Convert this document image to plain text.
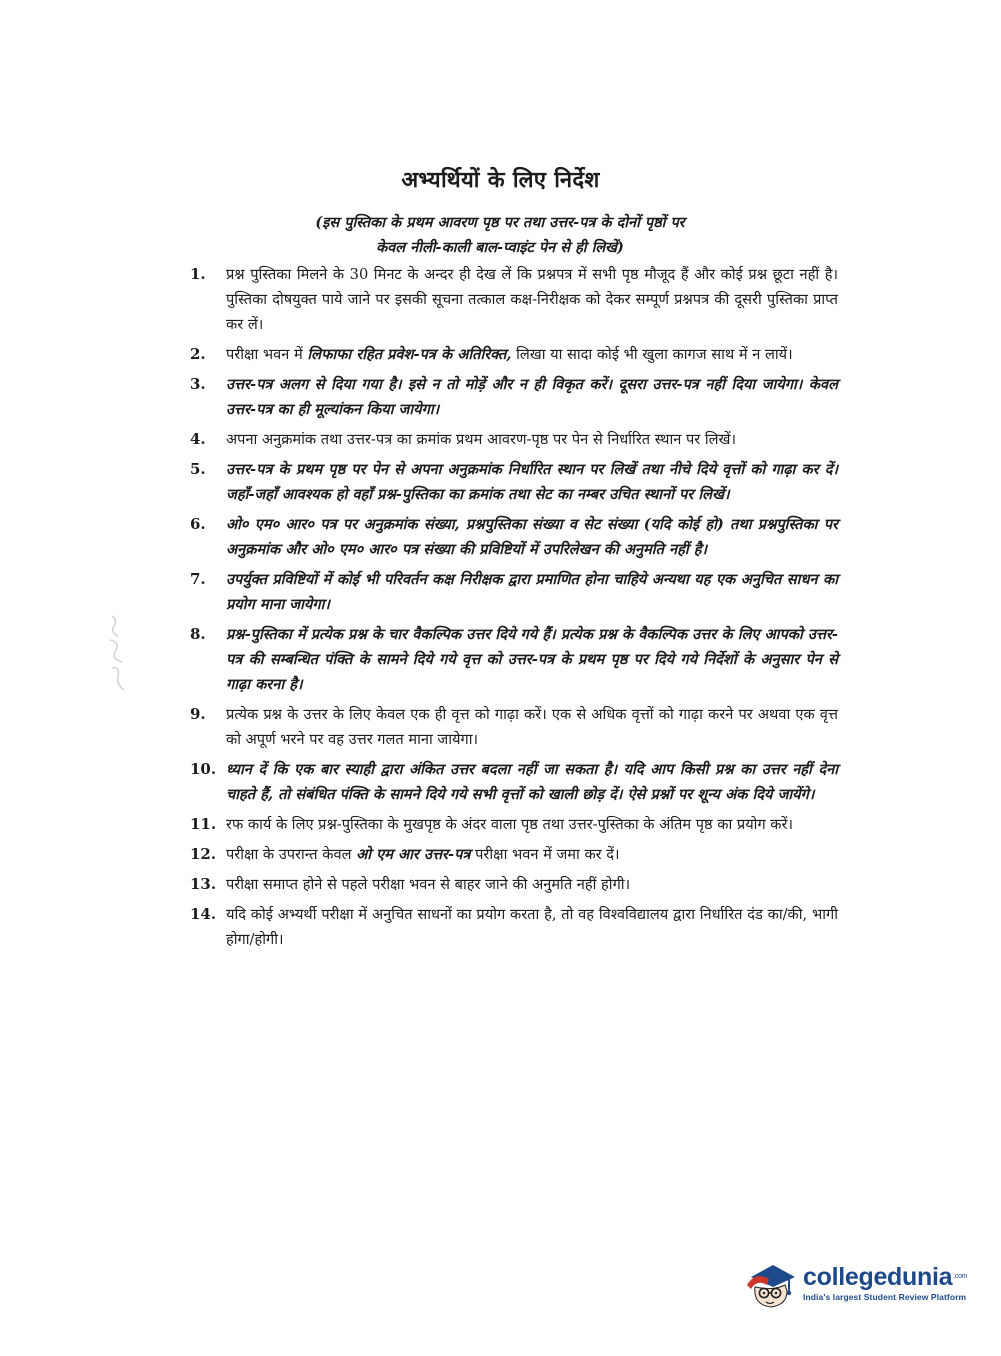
अभ्यर्थियों के लिए निर्देश
(इस पुस्तिका के प्रथम आवरण पृष्ठ पर तथा उत्तर-पत्र के दोनों पृष्ठों पर
केवल नीली-काली बाल-प्वाइंट पेन से ही लिखें)
1.	प्रश्न पुस्तिका मिलने के 30 मिनट के अन्दर ही देख लें कि प्रश्नपत्र में सभी पृष्ठ मौजूद हैं और कोई प्रश्न छूटा नहीं है। पुस्तिका दोषयुक्त पाये जाने पर इसकी सूचना तत्काल कक्ष-निरीक्षक को देकर सम्पूर्ण प्रश्नपत्र की दूसरी पुस्तिका प्राप्त कर लें।
2.	परीक्षा भवन में लिफाफा रहित प्रवेश-पत्र के अतिरिक्त, लिखा या सादा कोई भी खुला कागज साथ में न लायें।
3.	उत्तर-पत्र अलग से दिया गया है। इसे न तो मोड़ें और न ही विकृत करें। दूसरा उत्तर-पत्र नहीं दिया जायेगा। केवल उत्तर-पत्र का ही मूल्यांकन किया जायेगा।
4.	अपना अनुक्रमांक तथा उत्तर-पत्र का क्रमांक प्रथम आवरण-पृष्ठ पर पेन से निर्धारित स्थान पर लिखें।
5.	उत्तर-पत्र के प्रथम पृष्ठ पर पेन से अपना अनुक्रमांक निर्धारित स्थान पर लिखें तथा नीचे दिये वृत्तों को गाढ़ा कर दें। जहाँ-जहाँ आवश्यक हो वहाँ प्रश्न-पुस्तिका का क्रमांक तथा सेट का नम्बर उचित स्थानों पर लिखें।
6.	ओ० एम० आर० पत्र पर अनुक्रमांक संख्या, प्रश्नपुस्तिका संख्या व सेट संख्या (यदि कोई हो) तथा प्रश्नपुस्तिका पर अनुक्रमांक और ओ० एम० आर० पत्र संख्या की प्रविष्टियों में उपरिलेखन की अनुमति नहीं है।
7.	उपर्युक्त प्रविष्टियों में कोई भी परिवर्तन कक्ष निरीक्षक द्वारा प्रमाणित होना चाहिये अन्यथा यह एक अनुचित साधन का प्रयोग माना जायेगा।
8.	प्रश्न-पुस्तिका में प्रत्येक प्रश्न के चार वैकल्पिक उत्तर दिये गये हैं। प्रत्येक प्रश्न के वैकल्पिक उत्तर के लिए आपको उत्तर-पत्र की सम्बन्धित पंक्ति के सामने दिये गये वृत्त को उत्तर-पत्र के प्रथम पृष्ठ पर दिये गये निर्देशों के अनुसार पेन से गाढ़ा करना है।
9.	प्रत्येक प्रश्न के उत्तर के लिए केवल एक ही वृत्त को गाढ़ा करें। एक से अधिक वृत्तों को गाढ़ा करने पर अथवा एक वृत्त को अपूर्ण भरने पर वह उत्तर गलत माना जायेगा।
10. ध्यान दें कि एक बार स्याही द्वारा अंकित उत्तर बदला नहीं जा सकता है। यदि आप किसी प्रश्न का उत्तर नहीं देना चाहते हैं, तो संबंधित पंक्ति के सामने दिये गये सभी वृत्तों को खाली छोड़ दें। ऐसे प्रश्नों पर शून्य अंक दिये जायेंगे।
11. रफ कार्य के लिए प्रश्न-पुस्तिका के मुखपृष्ठ के अंदर वाला पृष्ठ तथा उत्तर-पुस्तिका के अंतिम पृष्ठ का प्रयोग करें।
12. परीक्षा के उपरान्त केवल ओ एम आर उत्तर-पत्र परीक्षा भवन में जमा कर दें।
13. परीक्षा समाप्त होने से पहले परीक्षा भवन से बाहर जाने की अनुमति नहीं होगी।
14. यदि कोई अभ्यर्थी परीक्षा में अनुचित साधनों का प्रयोग करता है, तो वह विश्वविद्यालय द्वारा निर्धारित दंड का/की, भागी होगा/होगी।
collegedunia$^{.com}$
India's largest Student Review Platform
